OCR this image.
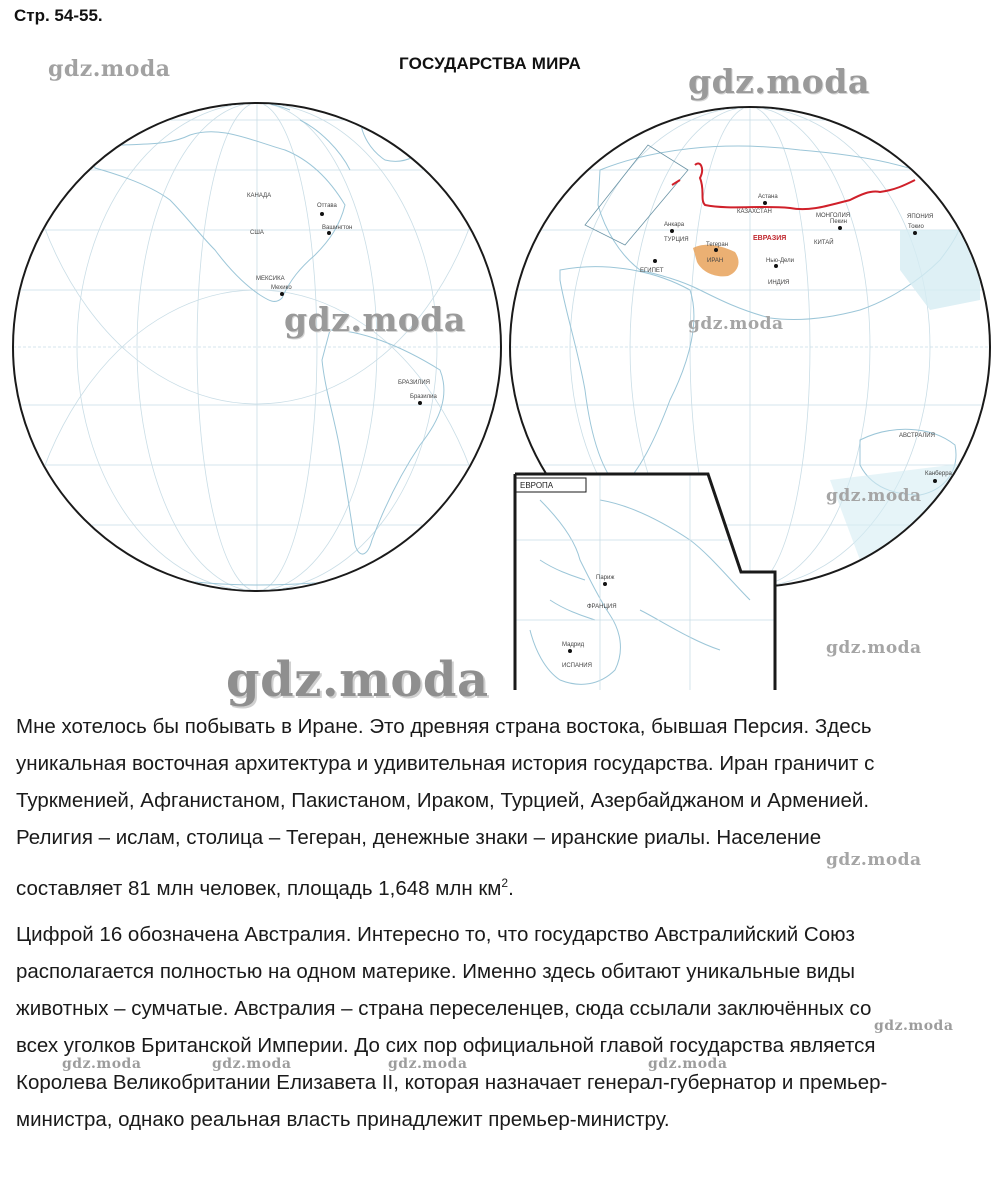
Стр. 54-55.
ГОСУДАРСТВА МИРА
КАНАДА
США
Оттава
Вашингтон
МЕКСИКА
Мехико
БРАЗИЛИЯ
Бразилиа
ЕВРАЗИЯ
КАЗАХСТАН
Астана
МОНГОЛИЯ
Пекин
ЯПОНИЯ
Токио
КИТАЙ
ТУРЦИЯ
Анкара
Тегеран
ИРАН	Нью-Дели
ИНДИЯ
ЕГИПЕТ
АВСТРАЛИЯ
Канберра
ЕВРОПА
Париж
ФРАНЦИЯ
Мадрид
ИСПАНИЯ
gdz.moda	gdz.moda
gdz.moda	gdz.moda
gdz.moda
gdz.moda
gdz.moda
gdz.moda
gdz.moda
gdz.moda	gdz.moda	gdz.moda	gdz.moda
Мне хотелось бы побывать в Иране. Это древняя страна востока, бывшая Персия. Здесь
уникальная восточная архитектура и удивительная история государства. Иран граничит с
Туркменией, Афганистаном, Пакистаном, Ираком, Турцией, Азербайджаном и Арменией.
Религия – ислам, столица – Тегеран, денежные знаки – иранские риалы. Население
составляет 81 млн человек, площадь 1,648 млн $км^2$.
Цифрой 16 обозначена Австралия. Интересно то, что государство Австралийский Союз
располагается полностью на одном материке. Именно здесь обитают уникальные виды
животных – сумчатые. Австралия – страна переселенцев, сюда ссылали заключённых со
всех уголков Британской Империи. До сих пор официальной главой государства является
Королева Великобритании Елизавета II, которая назначает генерал-губернатор и премьер-
министра, однако реальная власть принадлежит премьер-министру.
